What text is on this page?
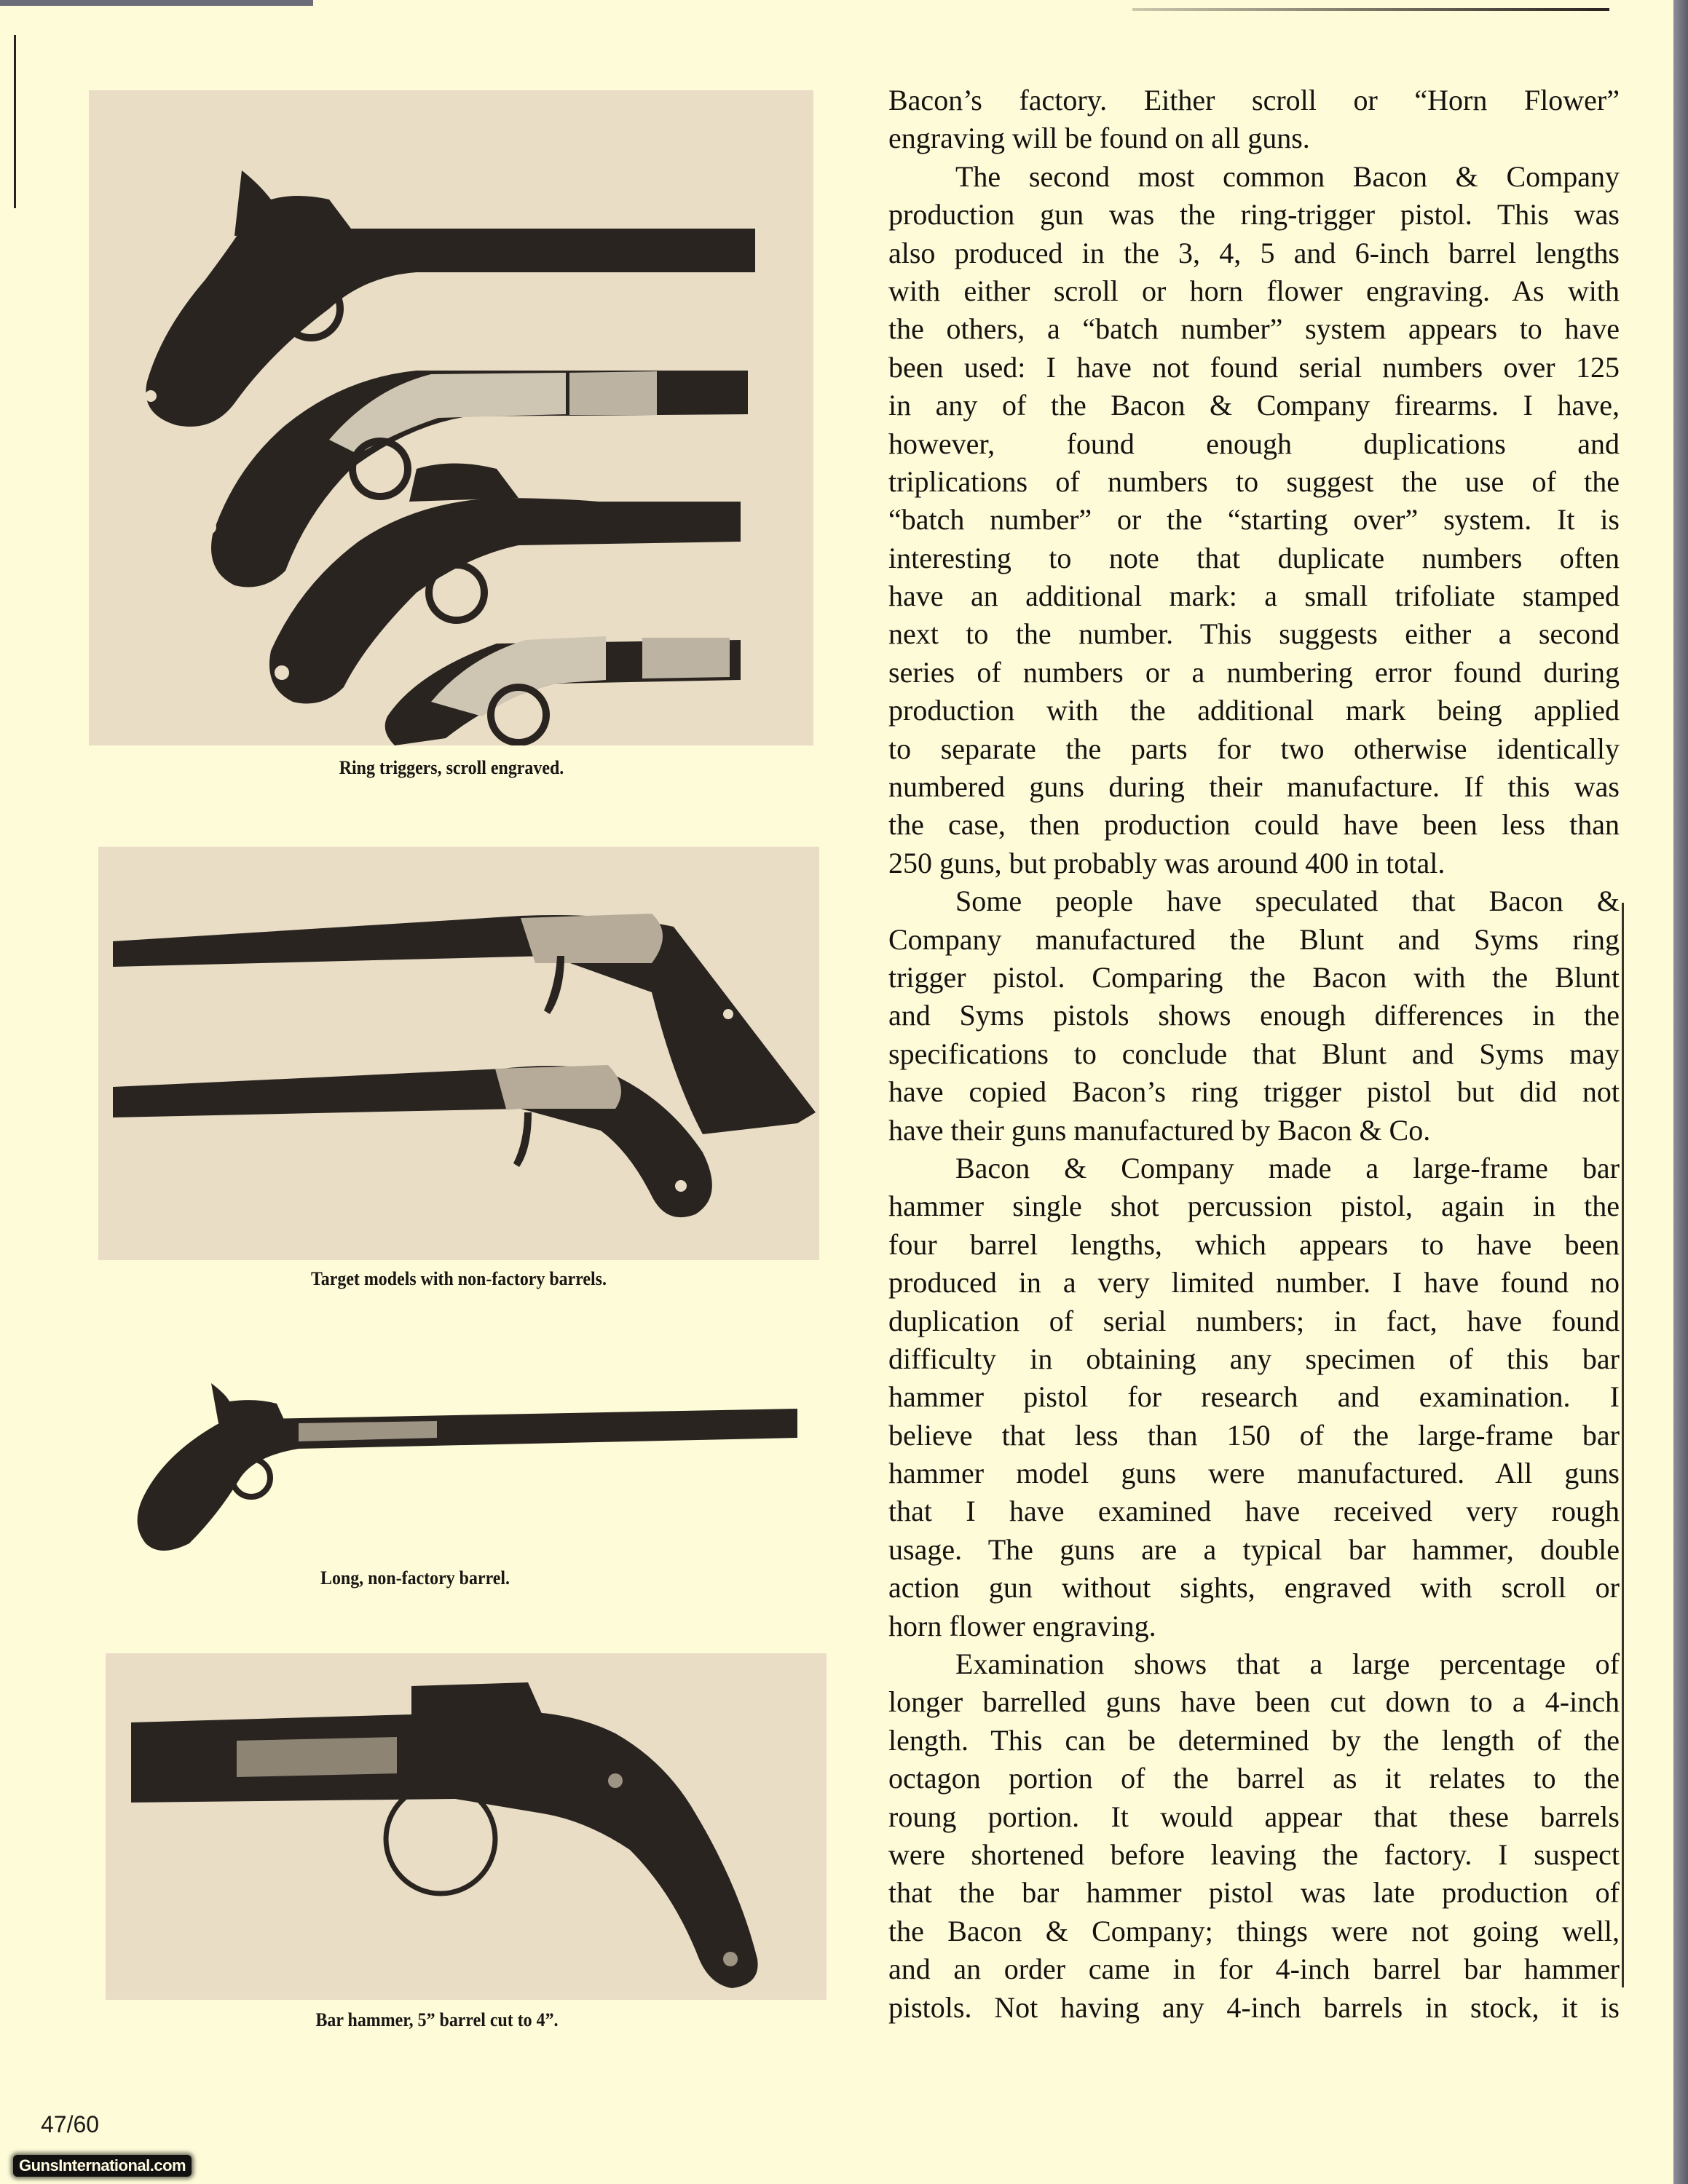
Ring triggers, scroll engraved.
Target models with non-factory barrels.
Long, non-factory barrel.
Bar hammer, 5” barrel cut to 4”.
Bacon’s factory. Either scroll or “Horn Flower”
engraving will be found on all guns.
The second most common Bacon & Company
production gun was the ring-trigger pistol. This was
also produced in the 3, 4, 5 and 6-inch barrel lengths
with either scroll or horn flower engraving. As with
the others, a “batch number” system appears to have
been used: I have not found serial numbers over 125
in any of the Bacon & Company firearms. I have,
however, found enough duplications and
triplications of numbers to suggest the use of the
“batch number” or the “starting over” system. It is
interesting to note that duplicate numbers often
have an additional mark: a small trifoliate stamped
next to the number. This suggests either a second
series of numbers or a numbering error found during
production with the additional mark being applied
to separate the parts for two otherwise identically
numbered guns during their manufacture. If this was
the case, then production could have been less than
250 guns, but probably was around 400 in total.
Some people have speculated that Bacon &
Company manufactured the Blunt and Syms ring
trigger pistol. Comparing the Bacon with the Blunt
and Syms pistols shows enough differences in the
specifications to conclude that Blunt and Syms may
have copied Bacon’s ring trigger pistol but did not
have their guns manufactured by Bacon & Co.
Bacon & Company made a large-frame bar
hammer single shot percussion pistol, again in the
four barrel lengths, which appears to have been
produced in a very limited number. I have found no
duplication of serial numbers; in fact, have found
difficulty in obtaining any specimen of this bar
hammer pistol for research and examination. I
believe that less than 150 of the large-frame bar
hammer model guns were manufactured. All guns
that I have examined have received very rough
usage. The guns are a typical bar hammer, double
action gun without sights, engraved with scroll or
horn flower engraving.
Examination shows that a large percentage of
longer barrelled guns have been cut down to a 4-inch
length. This can be determined by the length of the
octagon portion of the barrel as it relates to the
roung portion. It would appear that these barrels
were shortened before leaving the factory. I suspect
that the bar hammer pistol was late production of
the Bacon & Company; things were not going well,
and an order came in for 4-inch barrel bar hammer
pistols. Not having any 4-inch barrels in stock, it is
47/60
GunsInternational.com
